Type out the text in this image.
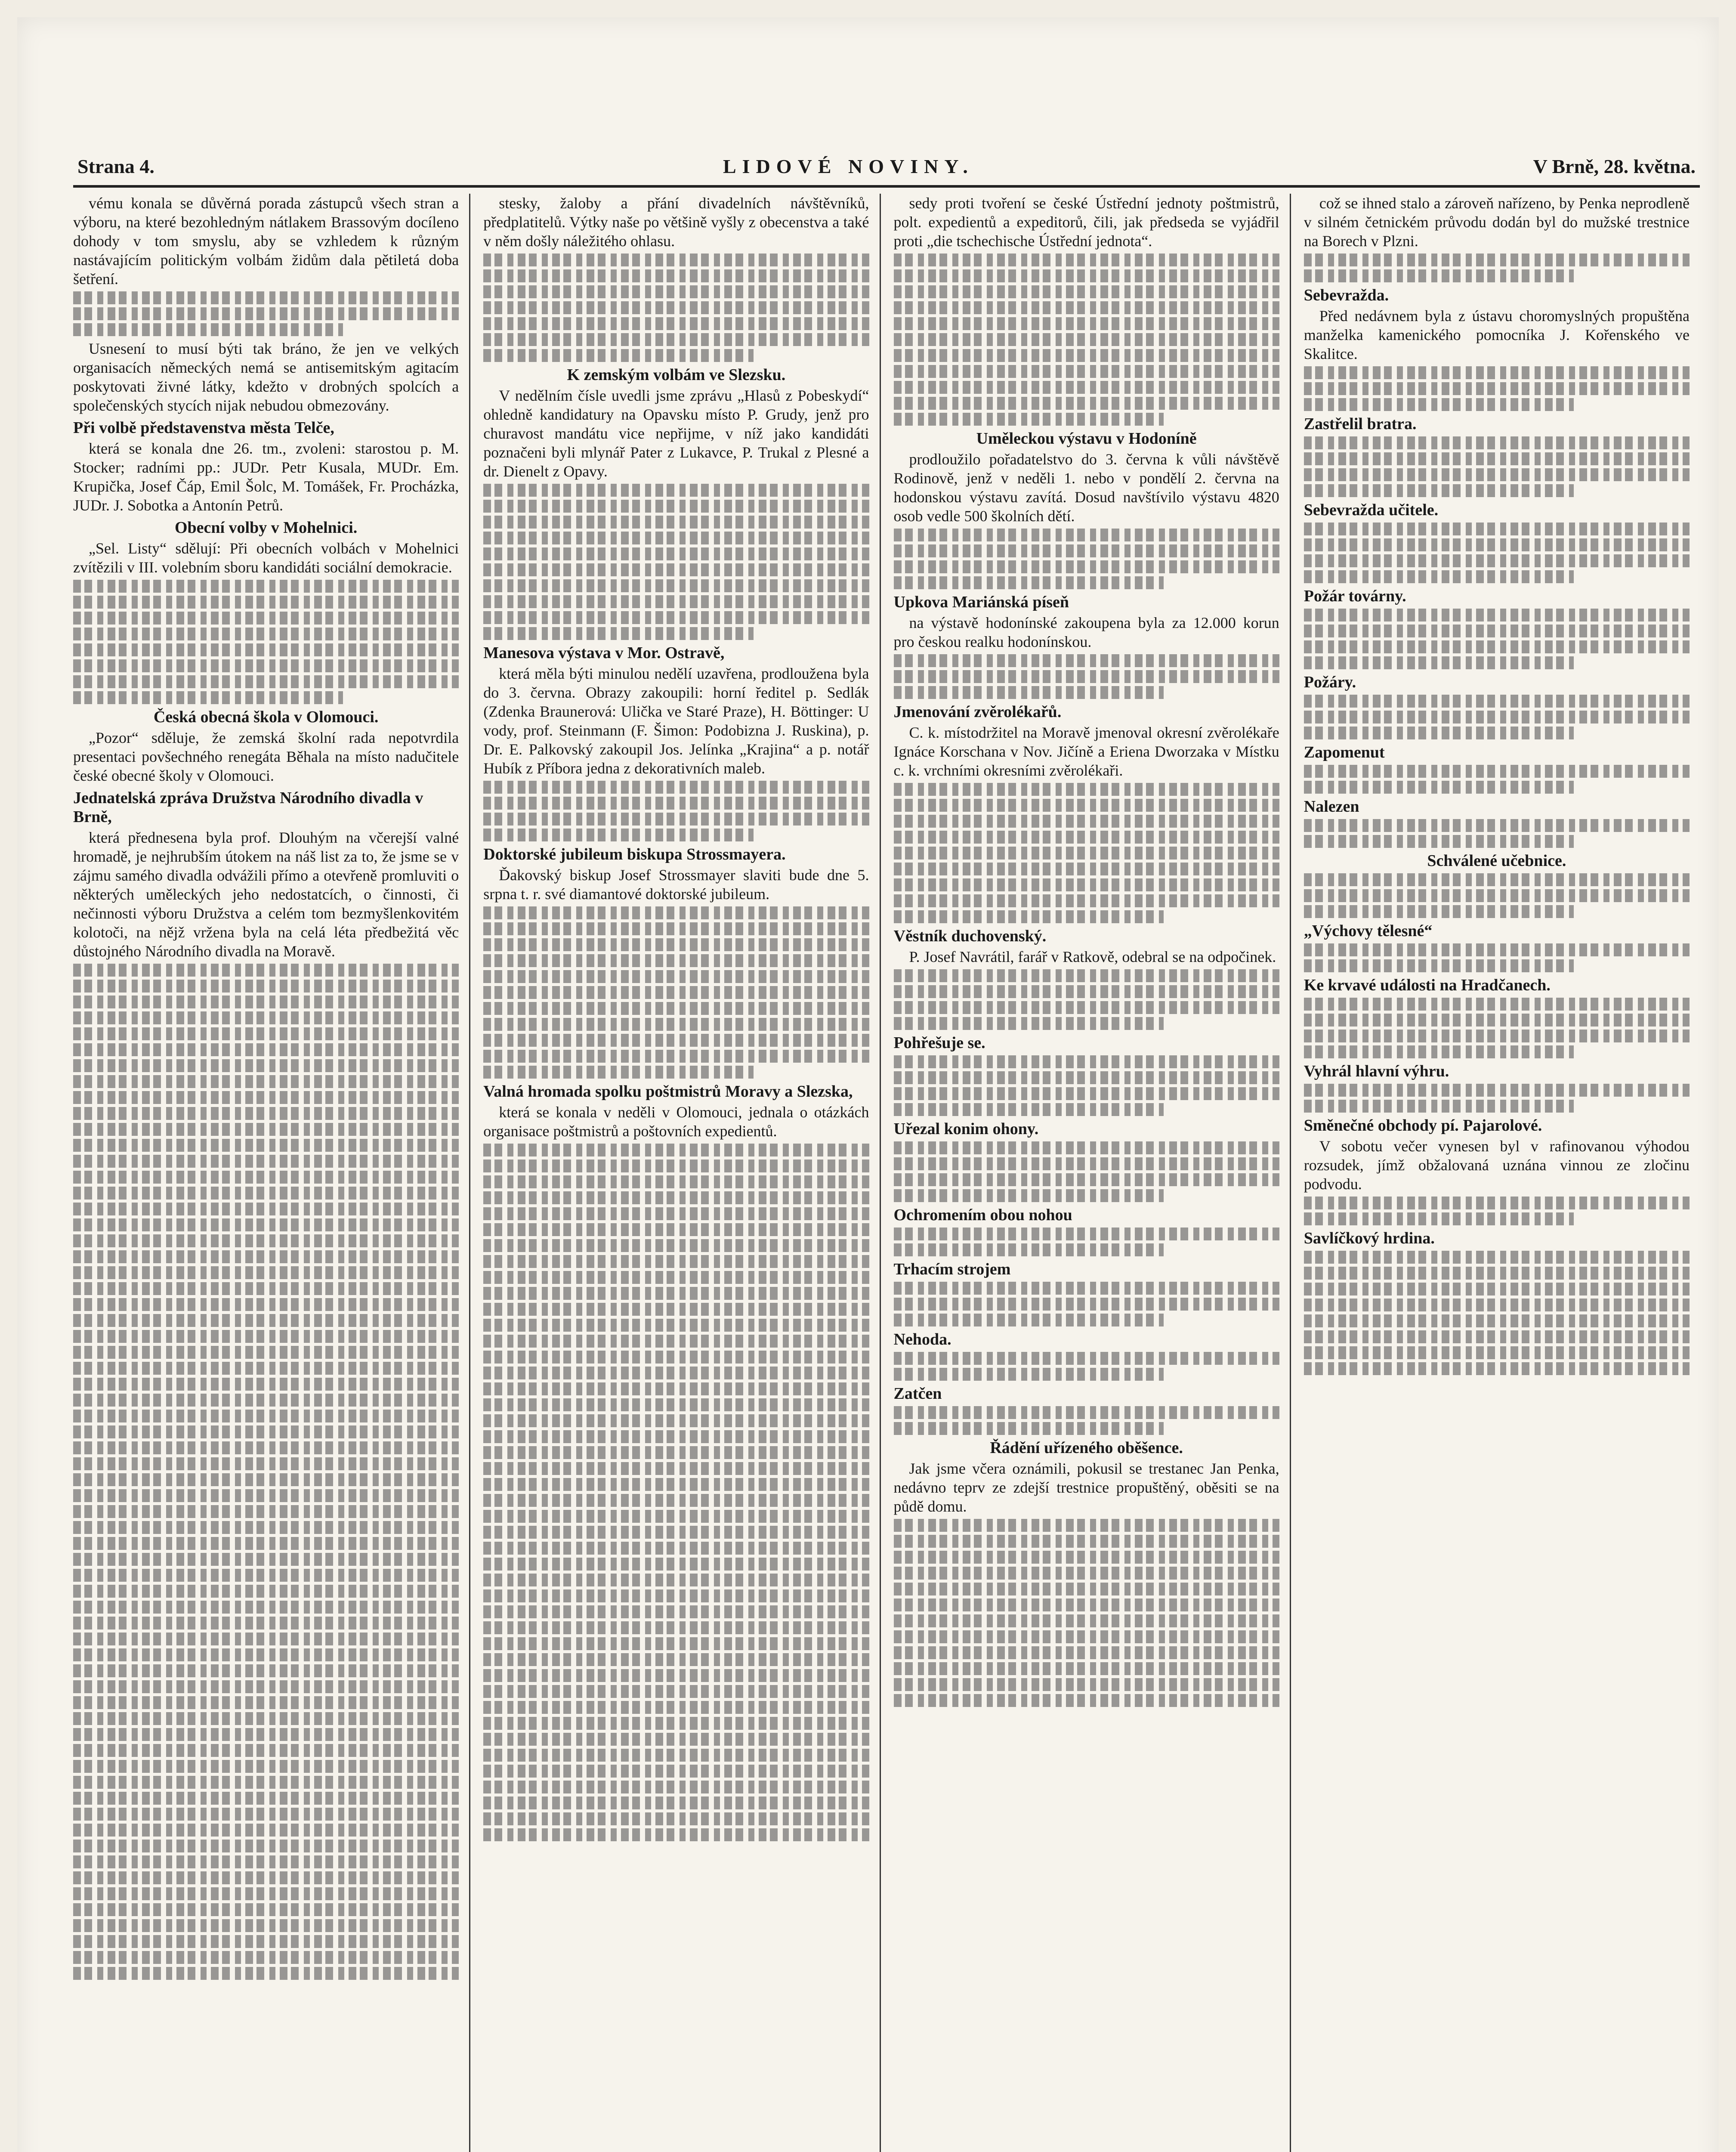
Strana 4.	LIDOVÉ NOVINY.	V Brně, 28. května.

vému konala se důvěrná porada zástupců všech stran a výboru, na které bezohledným nátlakem Brassovým docíleno dohody v tom smyslu, aby se vzhledem k různým nastávajícím politickým volbám židům dala pětiletá doba šetření.

Usnesení to musí býti tak bráno, že jen ve velkých organisacích německých nemá se antisemitským agitacím poskytovati živné látky, kdežto v drobných spolcích a společenských stycích nijak nebudou obmezovány.

Při volbě představenstva města Telče,

která se konala dne 26. tm., zvoleni: starostou p. M. Stocker; radními pp.: JUDr. Petr Kusala, MUDr. Em. Krupička, Josef Čáp, Emil Šolc, M. Tomášek, Fr. Procházka, JUDr. J. Sobotka a Antonín Petrů.

Obecní volby v Mohelnici.

„Sel. Listy“ sdělují: Při obecních volbách v Mohelnici zvítězili v III. volebním sboru kandidáti sociální demokracie.

Česká obecná škola v Olomouci.

„Pozor“ sděluje, že zemská školní rada nepotvrdila presentaci povšechného renegáta Běhala na místo nadučitele české obecné školy v Olomouci.

Jednatelská zpráva Družstva Národního divadla v Brně,

která přednesena byla prof. Dlouhým na včerejší valné hromadě, je nejhrubším útokem na náš list za to, že jsme se v zájmu samého divadla odvážili přímo a otevřeně promluviti o některých uměleckých jeho nedostatcích, o činnosti, či nečinnosti výboru Družstva a celém tom bezmyšlenkovitém kolotoči, na nějž vržena byla na celá léta předbežitá věc důstojného Národního divadla na Moravě.

stesky, žaloby a přání divadelních návštěvníků, předplatitelů. Výtky naše po většině vyšly z obecenstva a také v něm došly náležitého ohlasu.

K zemským volbám ve Slezsku.

V nedělním čísle uvedli jsme zprávu „Hlasů z Pobeskydí“ ohledně kandidatury na Opavsku místo P. Grudy, jenž pro churavost mandátu vice nepřijme, v níž jako kandidáti poznačeni byli mlynář Pater z Lukavce, P. Trukal z Plesné a dr. Dienelt z Opavy.

Manesova výstava v Mor. Ostravě,

která měla býti minulou nedělí uzavřena, prodloužena byla do 3. června. Obrazy zakoupili: horní ředitel p. Sedlák (Zdenka Braunerová: Ulička ve Staré Praze), H. Böttinger: U vody, prof. Steinmann (F. Šimon: Podobizna J. Ruskina), p. Dr. E. Palkovský zakoupil Jos. Jelínka „Krajina“ a p. notář Hubík z Příbora jedna z dekorativních maleb.

Doktorské jubileum biskupa Strossmayera.

Ďakovský biskup Josef Strossmayer slaviti bude dne 5. srpna t. r. své diamantové doktorské jubileum.

Valná hromada spolku poštmistrů Moravy a Slezska,

která se konala v neděli v Olomouci, jednala o otázkách organisace poštmistrů a poštovních expedientů.

sedy proti tvoření se české Ústřední jednoty poštmistrů, polt. expedientů a expeditorů, čili, jak předseda se vyjádřil proti „die tschechische Ústřední jednota“.

Uměleckou výstavu v Hodoníně

prodloužilo pořadatelstvo do 3. června k vůli návštěvě Rodinově, jenž v neděli 1. nebo v pondělí 2. června na hodonskou výstavu zavítá. Dosud navštívilo výstavu 4820 osob vedle 500 školních dětí.

Upkova Mariánská píseň

na výstavě hodonínské zakoupena byla za 12.000 korun pro českou realku hodonínskou.

Jmenování zvěrolékařů.

C. k. místodržitel na Moravě jmenoval okresní zvěrolékaře Ignáce Korschana v Nov. Jičíně a Eriena Dworzaka v Místku c. k. vrchními okresními zvěrolékaři.

Věstník duchovenský.

P. Josef Navrátil, farář v Ratkově, odebral se na odpočinek.

Pohřešuje se.
Uřezal konim ohony.
Ochromením obou nohou
Trhacím strojem
Nehoda.
Zatčen
Řádění uřízeného oběšence.

Jak jsme včera oznámili, pokusil se trestanec Jan Penka, nedávno teprv ze zdejší trestnice propuštěný, oběsiti se na půdě domu.

což se ihned stalo a zároveň nařízeno, by Penka neprodleně v silném četnickém průvodu dodán byl do mužské trestnice na Borech v Plzni.

Sebevražda.

Před nedávnem byla z ústavu choromyslných propuštěna manželka kamenického pomocníka J. Kořenského ve Skalitce.

Zastřelil bratra.
Sebevražda učitele.
Požár továrny.
Požáry.
Zapomenut
Nalezen
Schválené učebnice.
„Výchovy tělesné“
Ke krvavé události na Hradčanech.
Vyhrál hlavní výhru.
Směnečné obchody pí. Pajarolové.

V sobotu večer vynesen byl v rafinovanou výhodou rozsudek, jímž obžalovaná uznána vinnou ze zločinu podvodu.

Savlíčkový hrdina.
